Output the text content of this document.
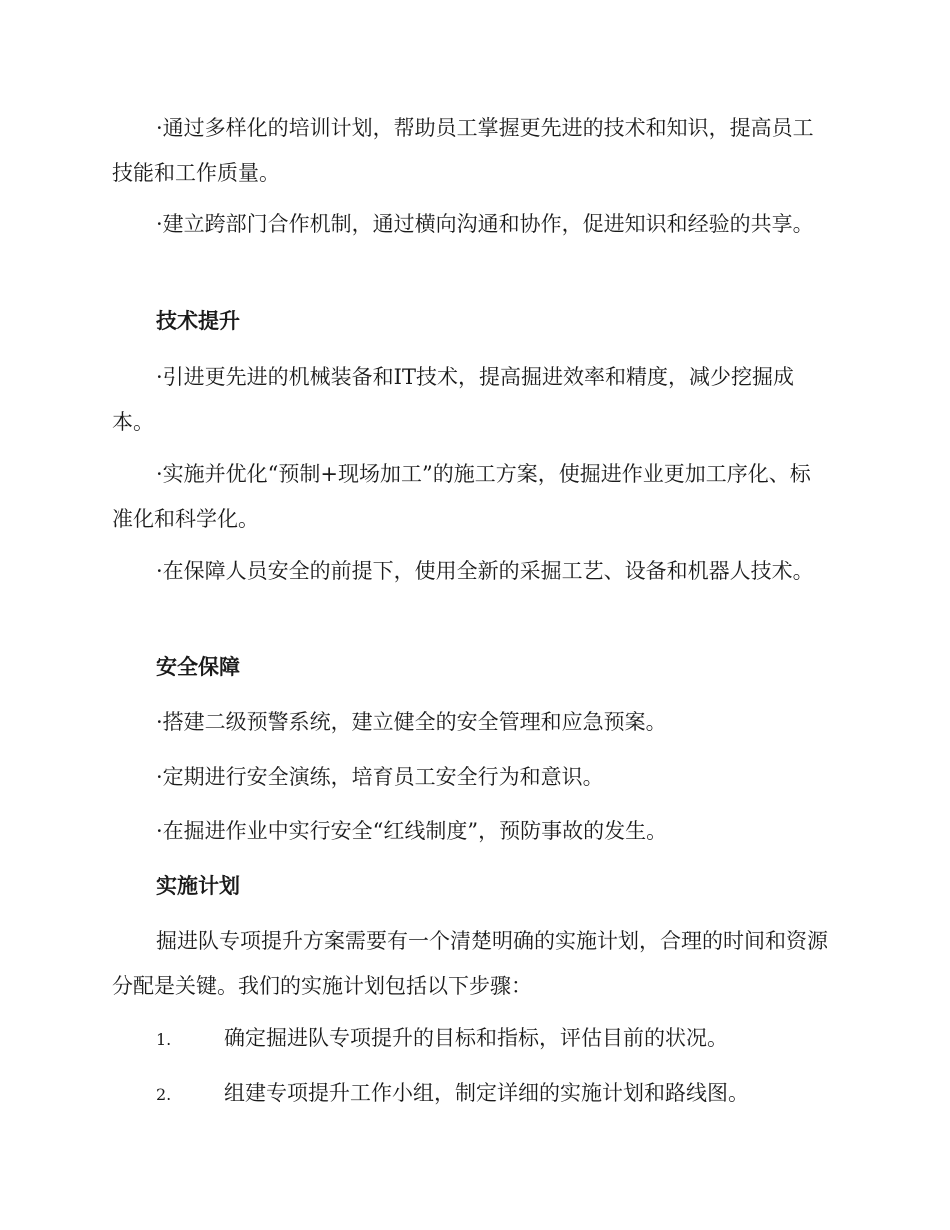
·通过多样化的培训计划，帮助员工掌握更先进的技术和知识，提高员工技能和工作质量。

·建立跨部门合作机制，通过横向沟通和协作，促进知识和经验的共享。

技术提升

·引进更先进的机械装备和IT技术，提高掘进效率和精度，减少挖掘成本。

·实施并优化“预制+现场加工”的施工方案，使掘进作业更加工序化、标准化和科学化。

·在保障人员安全的前提下，使用全新的采掘工艺、设备和机器人技术。

安全保障

·搭建二级预警系统，建立健全的安全管理和应急预案。

·定期进行安全演练，培育员工安全行为和意识。

·在掘进作业中实行安全“红线制度”，预防事故的发生。

实施计划

掘进队专项提升方案需要有一个清楚明确的实施计划，合理的时间和资源分配是关键。我们的实施计划包括以下步骤：

1.	确定掘进队专项提升的目标和指标，评估目前的状况。
2.	组建专项提升工作小组，制定详细的实施计划和路线图。
